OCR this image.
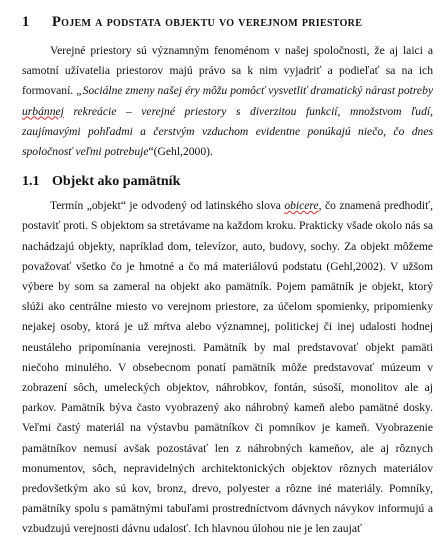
1	Pojem a podstata objektu vo verejnom priestore

Verejné priestory sú významným fenoménom v našej spoločnosti, že aj laici a samotní užívatelia priestorov majú právo sa k nim vyjadriť a podieľať sa na ich formovaní. „Sociálne zmeny našej éry môžu pomôcť vysvetliť dramatický nárast potreby urbánnej rekreácie – verejné priestory s diverzitou funkcií, množstvom ľudí, zaujímavými pohľadmi a čerstvým vzduchom evidentne ponúkajú niečo, čo dnes spoločnosť veľmi potrebuje“(Gehl,2000).

1.1 Objekt ako pamätník

Termín „objekt“ je odvodený od latinského slova obicere, čo znamená predhodiť, postaviť proti. S objektom sa stretávame na každom kroku. Prakticky všade okolo nás sa nachádzajú objekty, napríklad dom, televízor, auto, budovy, sochy. Za objekt môžeme považovať všetko čo je hmotné a čo má materiálovú podstatu (Gehl,2002). V užšom výbere by som sa zameral na objekt ako pamätník. Pojem pamätník je objekt, ktorý slúži ako centrálne miesto vo verejnom priestore, za účelom spomienky, pripomienky nejakej osoby, ktorá je už mŕtva alebo významnej, politickej či inej udalosti hodnej neustáleho pripomínania verejnosti. Pamätník by mal predstavovať objekt pamäti niečoho minulého. V obsebecnom ponatí pamätník môže predstavovať múzeum v zobrazení sôch, umeleckých objektov, náhrobkov, fontán, súsoší, monolitov ale aj parkov. Pamätník býva často vyobrazený ako náhrobný kameň alebo pamätné dosky. Veľmi častý materiál na výstavbu pamätníkov či pomníkov je kameň. Vyobrazenie pamätníkov nemusí avšak pozostávať len z náhrobných kameňov, ale aj rôznych monumentov, sôch, nepravidelných architektonických objektov rôznych materiálov predovšetkým ako sú kov, bronz, drevo, polyester a rôzne iné materiály. Pomníky, pamätníky spolu s pamätnými tabuľami prostredníctvom dávnych návykov informujú a vzbudzujú verejnosti dávnu udalosť. Ich hlavnou úlohou nie je len zaujať
